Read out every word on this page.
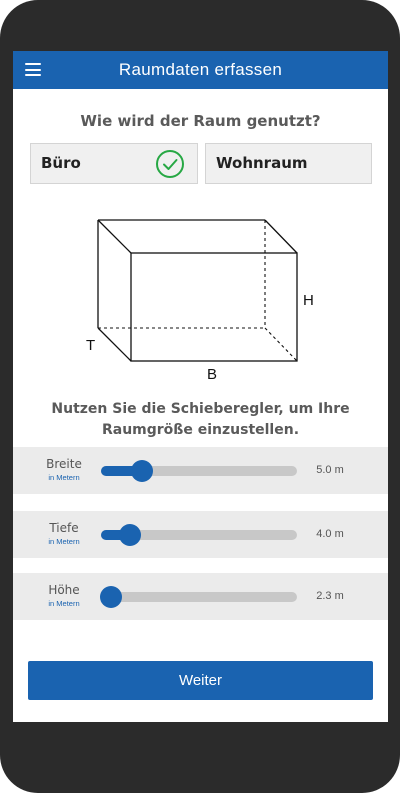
Raumdaten erfassen
Wie wird der Raum genutzt?
Büro	Wohnraum
H
T
B
Nutzen Sie die Schieberegler, um Ihre Raumgröße einzustellen.
Breite
in Metern
5.0 m
Tiefe
in Metern
4.0 m
Höhe
in Metern
2.3 m
Weiter
